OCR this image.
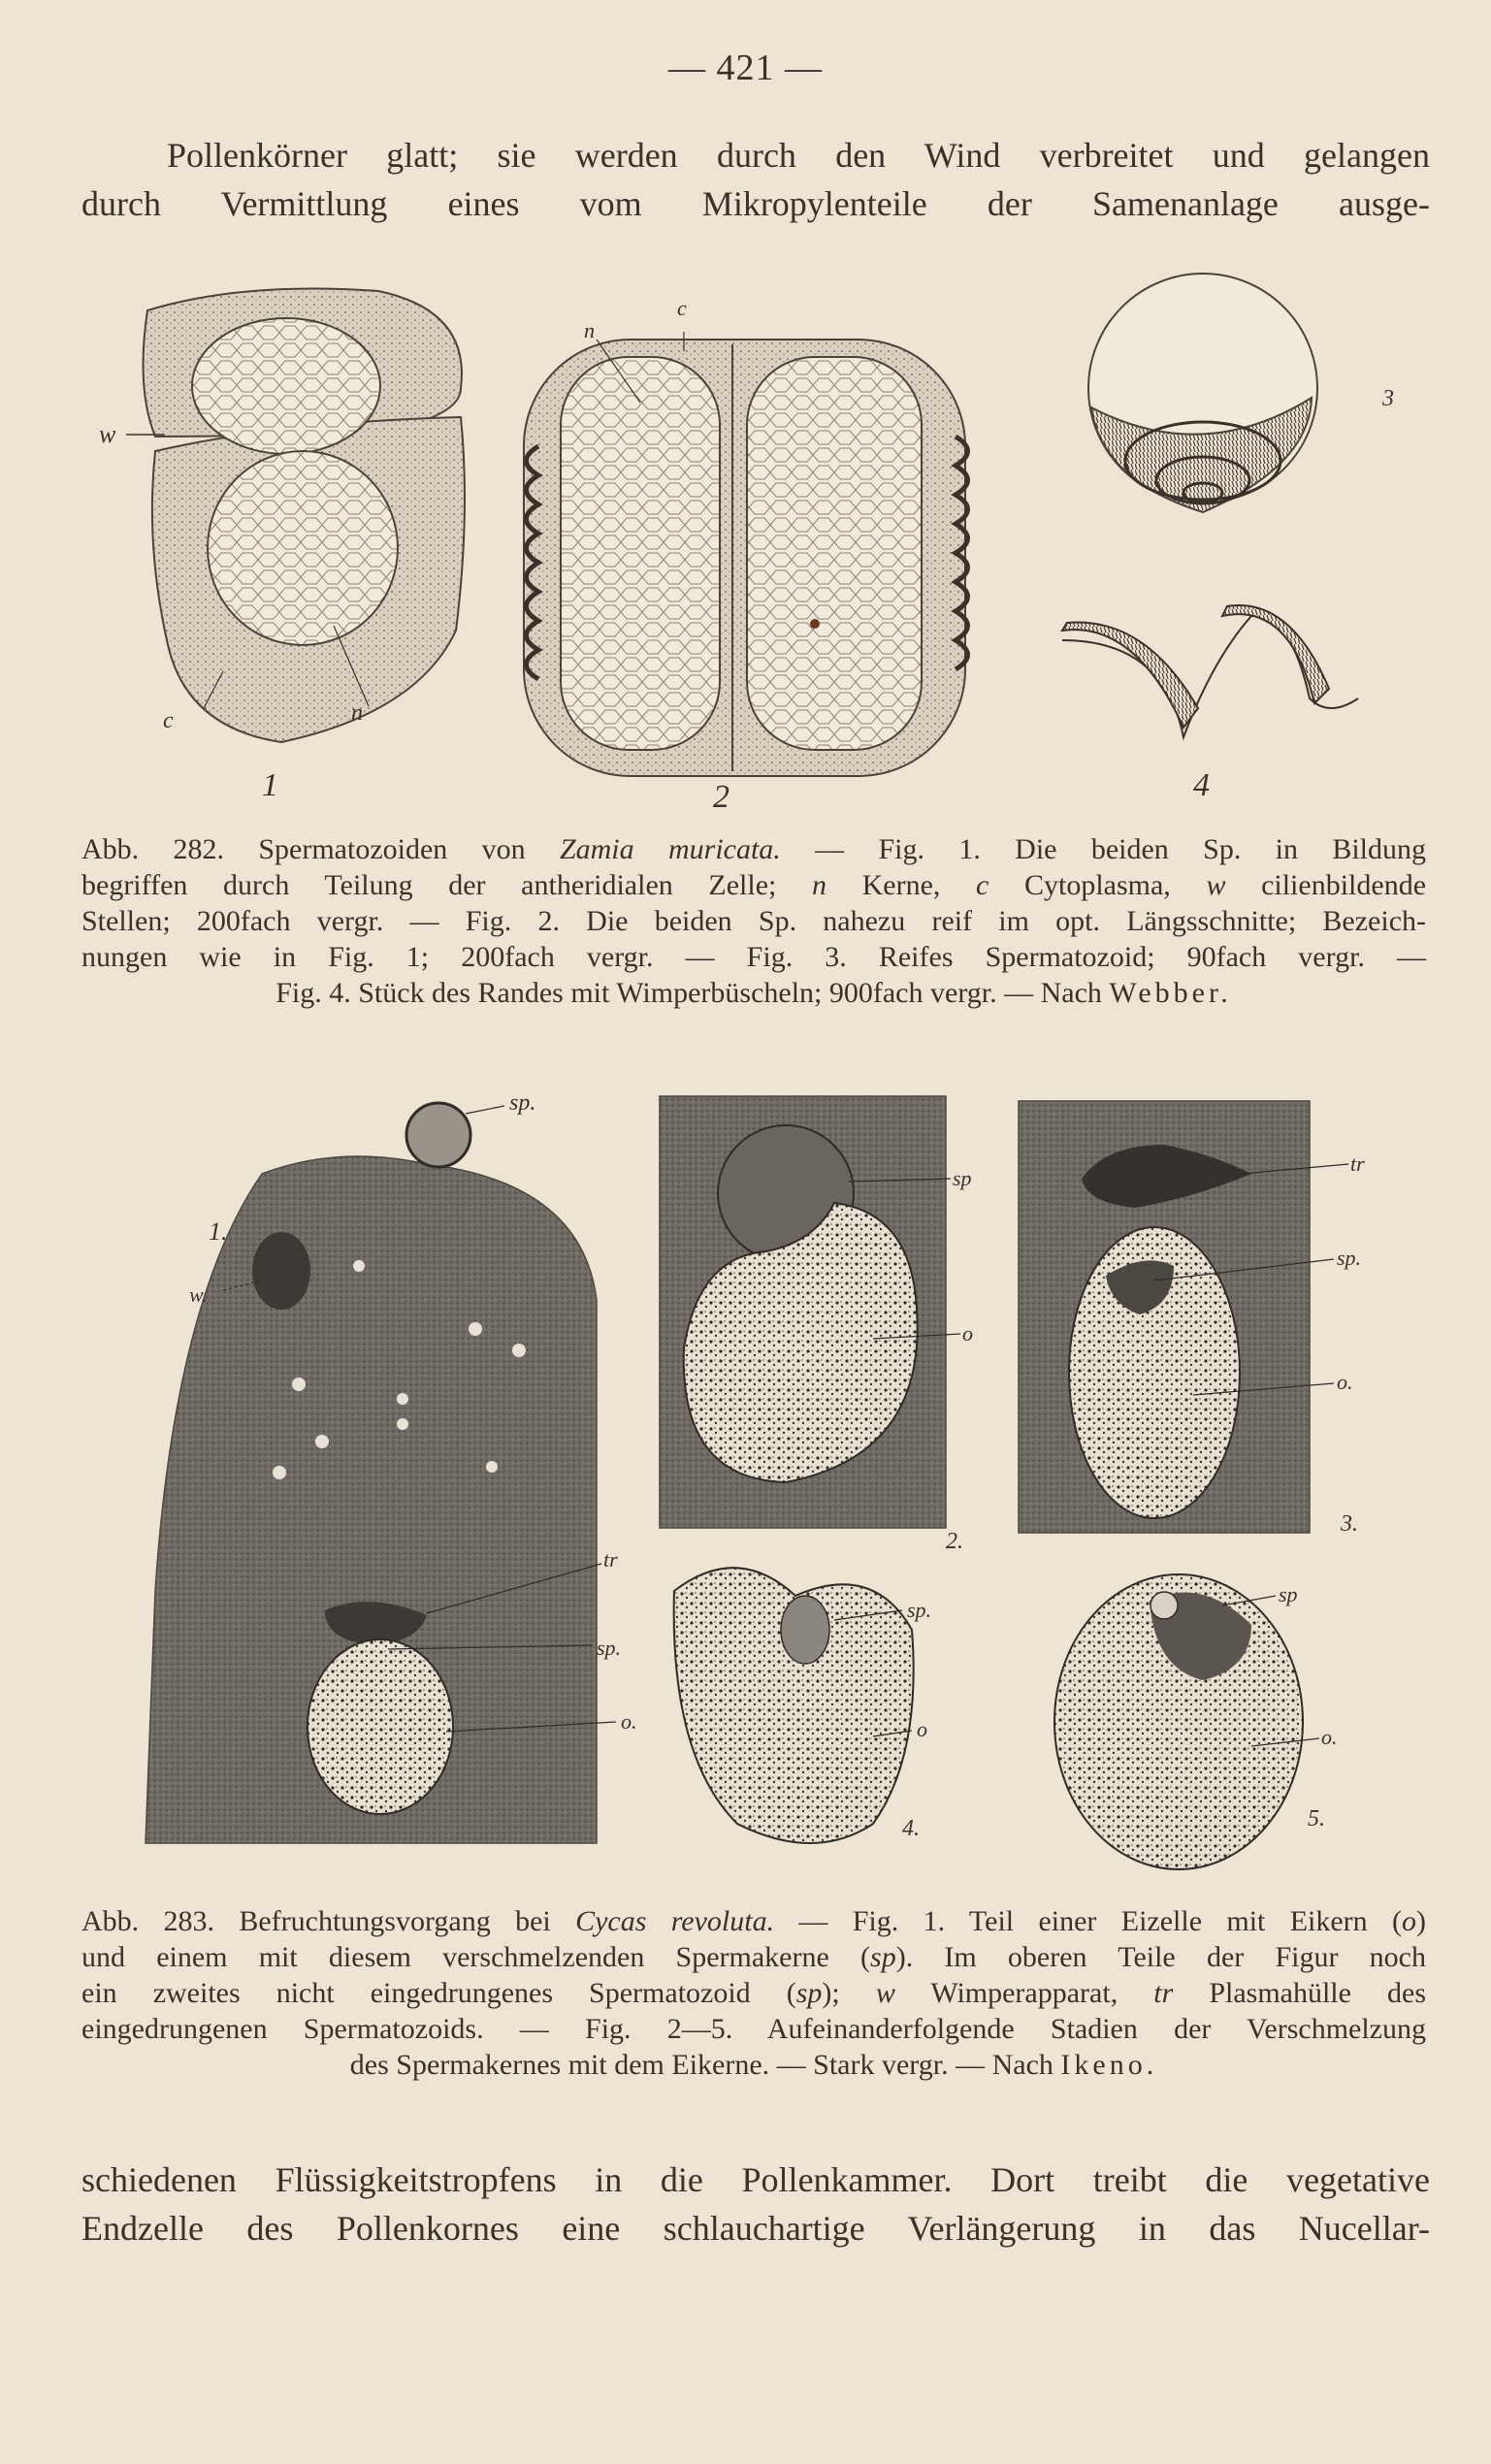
— 421 —
Pollenkörner glatt; sie werden durch den Wind verbreitet und gelangen
durch Vermittlung eines vom Mikropylenteile der Samenanlage ausge-
w
c	n
1
c
n
2
3
4
Abb. 282. Spermatozoiden von Zamia muricata. — Fig. 1. Die beiden Sp. in Bildung
begriffen durch Teilung der antheridialen Zelle; n Kerne, c Cytoplasma, w cilienbildende
Stellen; 200fach vergr. — Fig. 2. Die beiden Sp. nahezu reif im opt. Längsschnitte; Bezeich-
nungen wie in Fig. 1; 200fach vergr. — Fig. 3. Reifes Spermatozoid; 90fach vergr. —
Fig. 4. Stück des Randes mit Wimperbüscheln; 900fach vergr. — Nach Webber.
sp.
1.
w.
tr
sp.
o.
sp
o
2.
tr
sp.
o.
3.
sp.
o
4.
sp
o.
5.
Abb. 283. Befruchtungsvorgang bei Cycas revoluta. — Fig. 1. Teil einer Eizelle mit Eikern (o)
und einem mit diesem verschmelzenden Spermakerne (sp). Im oberen Teile der Figur noch
ein zweites nicht eingedrungenes Spermatozoid (sp); w Wimperapparat, tr Plasmahülle des
eingedrungenen Spermatozoids. — Fig. 2—5. Aufeinanderfolgende Stadien der Verschmelzung
des Spermakernes mit dem Eikerne. — Stark vergr. — Nach Ikeno.
schiedenen Flüssigkeitstropfens in die Pollenkammer. Dort treibt die vegetative
Endzelle des Pollenkornes eine schlauchartige Verlängerung in das Nucellar-
